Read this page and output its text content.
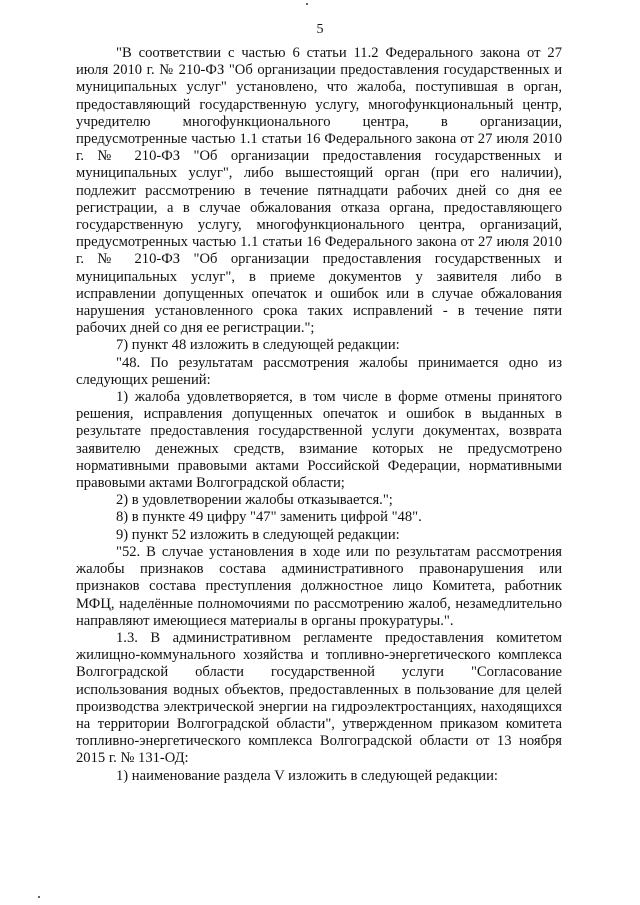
5

"В соответствии с частью 6 статьи 11.2 Федерального закона от 27 июля 2010 г. № 210-ФЗ "Об организации предоставления государственных и муниципальных услуг" установлено, что жалоба, поступившая в орган, предоставляющий государственную услугу, многофункциональный центр, учредителю многофункционального центра, в организации, предусмотренные частью 1.1 статьи 16 Федерального закона от 27 июля 2010 г. № 210-ФЗ "Об организации предоставления государственных и муниципальных услуг", либо вышестоящий орган (при его наличии), подлежит рассмотрению в течение пятнадцати рабочих дней со дня ее регистрации, а в случае обжалования отказа органа, предоставляющего государственную услугу, многофункционального центра, организаций, предусмотренных частью 1.1 статьи 16 Федерального закона от 27 июля 2010 г. № 210-ФЗ "Об организации предоставления государственных и муниципальных услуг", в приеме документов у заявителя либо в исправлении допущенных опечаток и ошибок или в случае обжалования нарушения установленного срока таких исправлений - в течение пяти рабочих дней со дня ее регистрации.";

7) пункт 48 изложить в следующей редакции:

"48. По результатам рассмотрения жалобы принимается одно из следующих решений:

1) жалоба удовлетворяется, в том числе в форме отмены принятого решения, исправления допущенных опечаток и ошибок в выданных в результате предоставления государственной услуги документах, возврата заявителю денежных средств, взимание которых не предусмотрено нормативными правовыми актами Российской Федерации, нормативными правовыми актами Волгоградской области;

2) в удовлетворении жалобы отказывается.";

8) в пункте 49 цифру "47" заменить цифрой "48".

9) пункт 52 изложить в следующей редакции:

"52. В случае установления в ходе или по результатам рассмотрения жалобы признаков состава административного правонарушения или признаков состава преступления должностное лицо Комитета, работник МФЦ, наделённые полномочиями по рассмотрению жалоб, незамедлительно направляют имеющиеся материалы в органы прокуратуры.".

1.3. В административном регламенте предоставления комитетом жилищно-коммунального хозяйства и топливно-энергетического комплекса Волгоградской области государственной услуги "Согласование использования водных объектов, предоставленных в пользование для целей производства электрической энергии на гидроэлектростанциях, находящихся на территории Волгоградской области", утвержденном приказом комитета топливно-энергетического комплекса Волгоградской области от 13 ноября 2015 г. № 131-ОД:

1) наименование раздела V изложить в следующей редакции:
